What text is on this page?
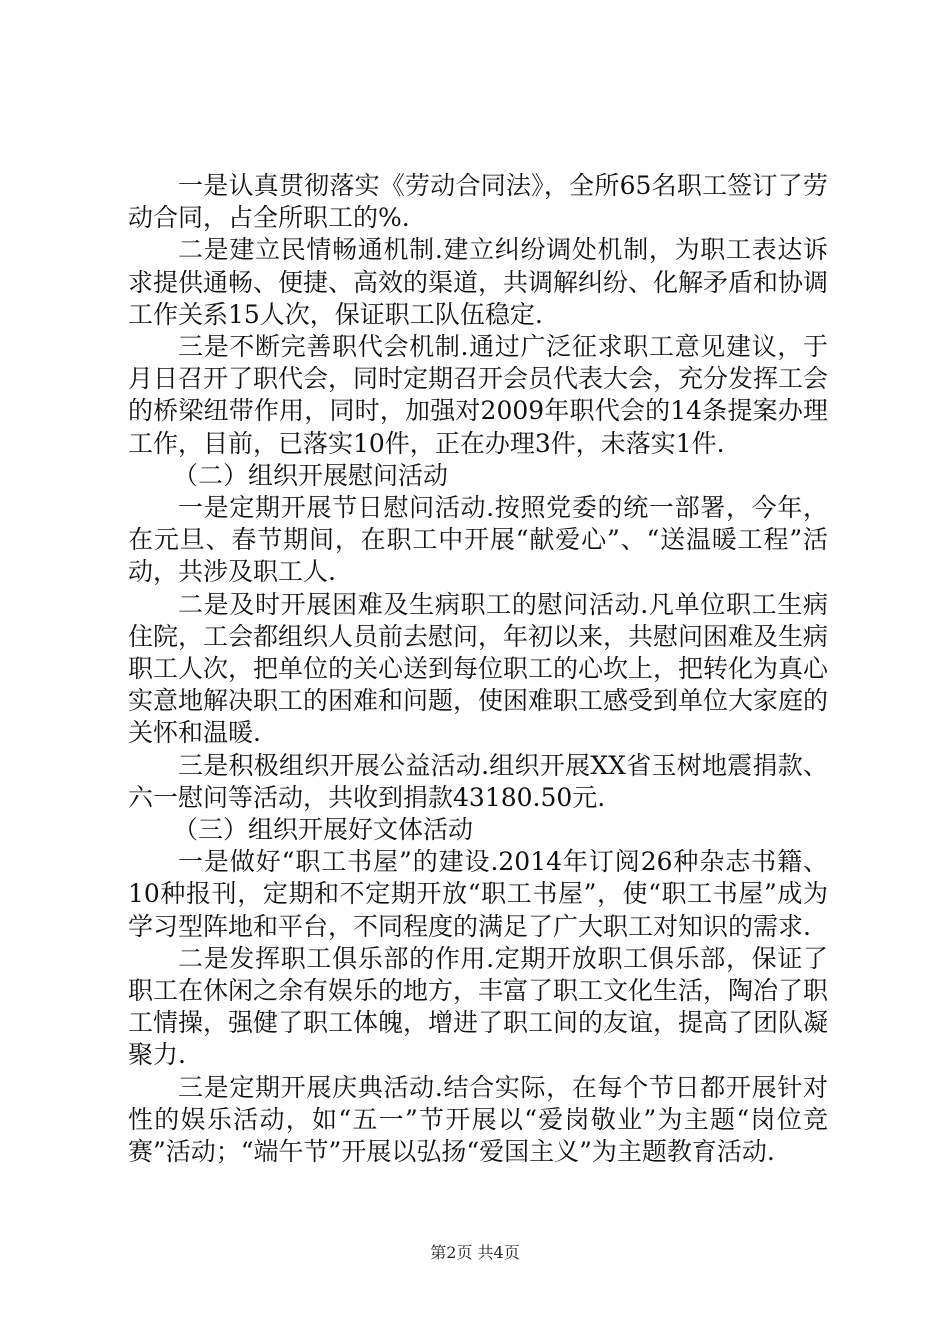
一是认真贯彻落实《劳动合同法》，全所65名职工签订了劳动合同，占全所职工的%.

二是建立民情畅通机制.建立纠纷调处机制，为职工表达诉求提供通畅、便捷、高效的渠道，共调解纠纷、化解矛盾和协调工作关系15人次，保证职工队伍稳定.

三是不断完善职代会机制.通过广泛征求职工意见建议，于月日召开了职代会，同时定期召开会员代表大会，充分发挥工会的桥梁纽带作用，同时，加强对2009年职代会的14条提案办理工作，目前，已落实10件，正在办理3件，未落实1件.

（二）组织开展慰问活动

一是定期开展节日慰问活动.按照党委的统一部署，今年，在元旦、春节期间，在职工中开展“献爱心”、“送温暖工程”活动，共涉及职工人.

二是及时开展困难及生病职工的慰问活动.凡单位职工生病住院，工会都组织人员前去慰问，年初以来，共慰问困难及生病职工人次，把单位的关心送到每位职工的心坎上，把转化为真心实意地解决职工的困难和问题，使困难职工感受到单位大家庭的关怀和温暖.

三是积极组织开展公益活动.组织开展XX省玉树地震捐款、六一慰问等活动，共收到捐款43180.50元.

（三）组织开展好文体活动

一是做好“职工书屋”的建设.2014年订阅26种杂志书籍、10种报刊，定期和不定期开放“职工书屋”，使“职工书屋”成为学习型阵地和平台，不同程度的满足了广大职工对知识的需求.

二是发挥职工俱乐部的作用.定期开放职工俱乐部，保证了职工在休闲之余有娱乐的地方，丰富了职工文化生活，陶冶了职工情操，强健了职工体魄，增进了职工间的友谊，提高了团队凝聚力.

三是定期开展庆典活动.结合实际，在每个节日都开展针对性的娱乐活动，如“五一”节开展以“爱岗敬业”为主题“岗位竞赛”活动；“端午节”开展以弘扬“爱国主义”为主题教育活动.

第2页 共4页
